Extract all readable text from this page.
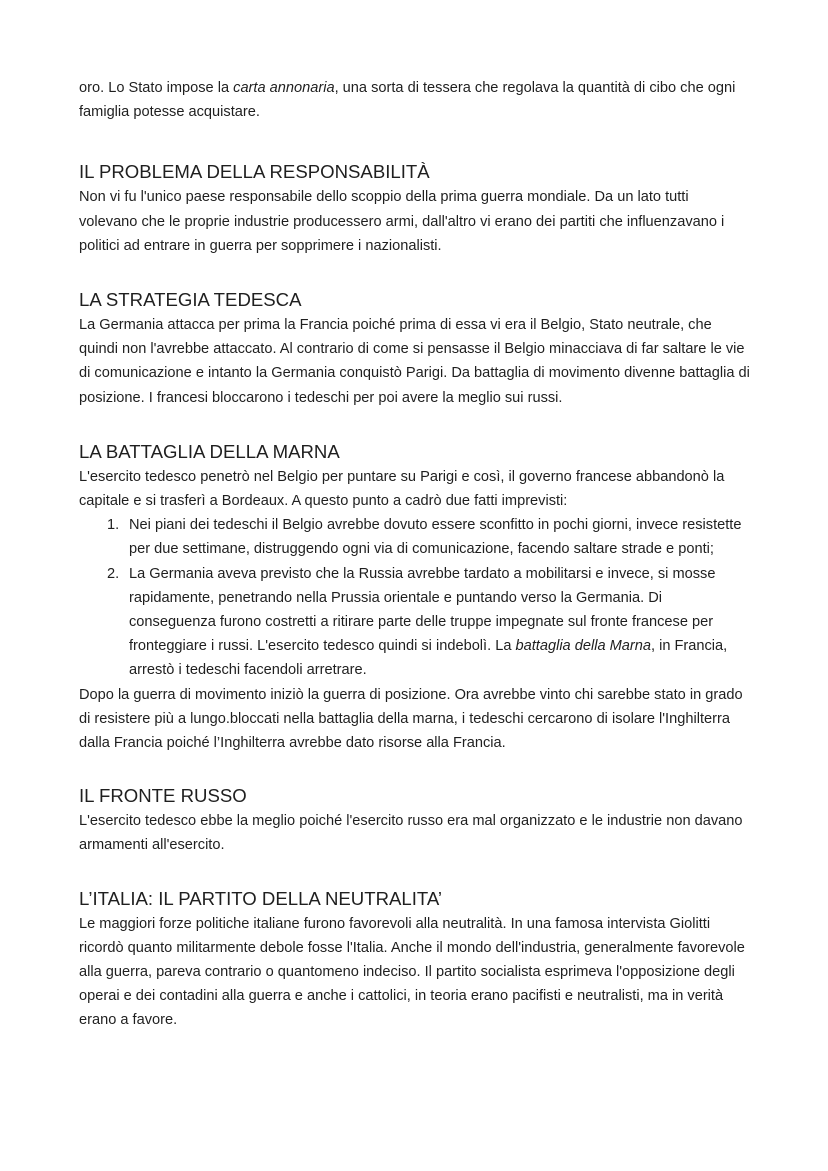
oro. Lo Stato impose la carta annonaria, una sorta di tessera che regolava la quantità di cibo che ogni famiglia potesse acquistare.

IL PROBLEMA DELLA RESPONSABILITÀ

Non vi fu l'unico paese responsabile dello scoppio della prima guerra mondiale. Da un lato tutti volevano che le proprie industrie producessero armi, dall'altro vi erano dei partiti che influenzavano i politici ad entrare in guerra per sopprimere i nazionalisti.

LA STRATEGIA TEDESCA

La Germania attacca per prima la Francia poiché prima di essa vi era il Belgio, Stato neutrale, che quindi non l'avrebbe attaccato. Al contrario di come si pensasse il Belgio minacciava di far saltare le vie di comunicazione e intanto la Germania conquistò Parigi. Da battaglia di movimento divenne battaglia di posizione. I francesi bloccarono i tedeschi per poi avere la meglio sui russi.

LA BATTAGLIA DELLA MARNA

L'esercito tedesco penetrò nel Belgio per puntare su Parigi e così, il governo francese abbandonò la capitale e si trasferì a Bordeaux. A questo punto a cadrò due fatti imprevisti:

1. Nei piani dei tedeschi il Belgio avrebbe dovuto essere sconfitto in pochi giorni, invece resistette per due settimane, distruggendo ogni via di comunicazione, facendo saltare strade e ponti;
2. La Germania aveva previsto che la Russia avrebbe tardato a mobilitarsi e invece, si mosse rapidamente, penetrando nella Prussia orientale e puntando verso la Germania. Di conseguenza furono costretti a ritirare parte delle truppe impegnate sul fronte francese per fronteggiare i russi. L'esercito tedesco quindi si indebolì. La battaglia della Marna, in Francia, arrestò i tedeschi facendoli arretrare.

Dopo la guerra di movimento iniziò la guerra di posizione. Ora avrebbe vinto chi sarebbe stato in grado di resistere più a lungo.bloccati nella battaglia della marna, i tedeschi cercarono di isolare l'Inghilterra dalla Francia poiché l’Inghilterra avrebbe dato risorse alla Francia.

IL FRONTE RUSSO

L'esercito tedesco ebbe la meglio poiché l'esercito russo era mal organizzato e le industrie non davano armamenti all'esercito.

L’ITALIA: IL PARTITO DELLA NEUTRALITA’

Le maggiori forze politiche italiane furono favorevoli alla neutralità. In una famosa intervista Giolitti ricordò quanto militarmente debole fosse l'Italia. Anche il mondo dell'industria, generalmente favorevole alla guerra, pareva contrario o quantomeno indeciso. Il partito socialista esprimeva l'opposizione degli operai e dei contadini alla guerra e anche i cattolici, in teoria erano pacifisti e neutralisti, ma in verità erano a favore.
